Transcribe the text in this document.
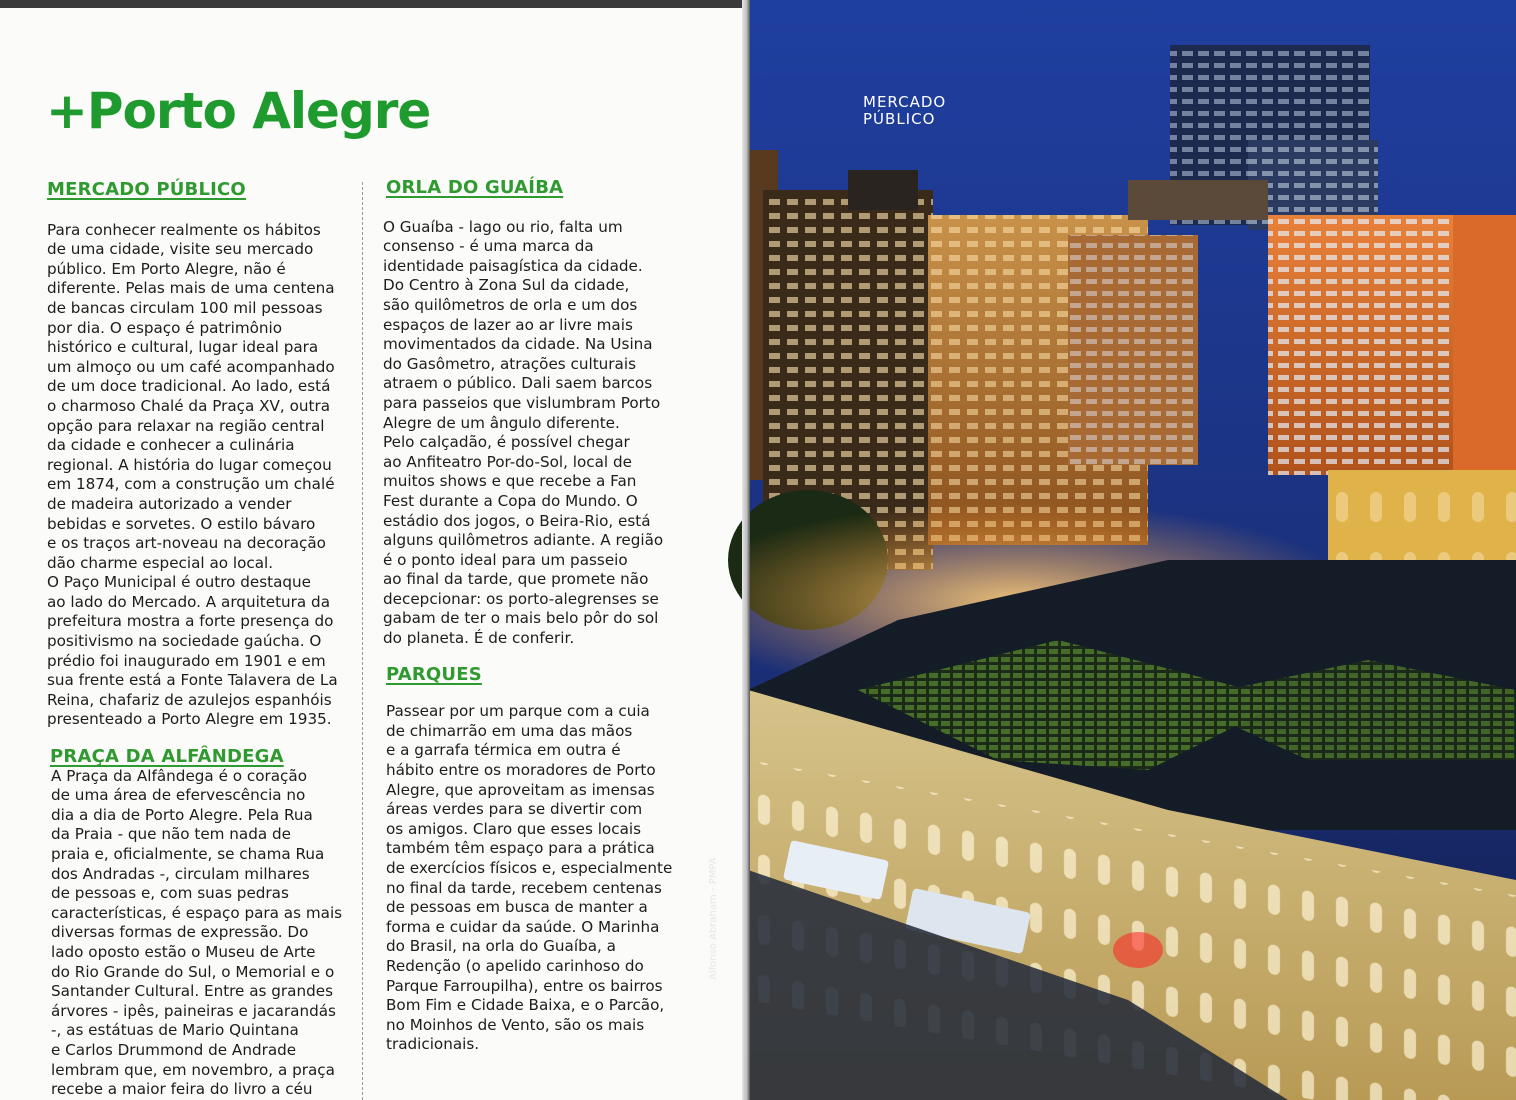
+Porto Alegre
MERCADO PÚBLICO

Para conhecer realmente os hábitos
de uma cidade, visite seu mercado
público. Em Porto Alegre, não é
diferente. Pelas mais de uma centena
de bancas circulam 100 mil pessoas
por dia. O espaço é patrimônio
histórico e cultural, lugar ideal para
um almoço ou um café acompanhado
de um doce tradicional. Ao lado, está
o charmoso Chalé da Praça XV, outra
opção para relaxar na região central
da cidade e conhecer a culinária
regional. A história do lugar começou
em 1874, com a construção um chalé
de madeira autorizado a vender
bebidas e sorvetes. O estilo bávaro
e os traços art-noveau na decoração
dão charme especial ao local.
O Paço Municipal é outro destaque
ao lado do Mercado. A arquitetura da
prefeitura mostra a forte presença do
positivismo na sociedade gaúcha. O
prédio foi inaugurado em 1901 e em
sua frente está a Fonte Talavera de La
Reina, chafariz de azulejos espanhóis
presenteado a Porto Alegre em 1935.

PRAÇA DA ALFÂNDEGA

A Praça da Alfândega é o coração
de uma área de efervescência no
dia a dia de Porto Alegre. Pela Rua
da Praia - que não tem nada de
praia e, oficialmente, se chama Rua
dos Andradas -, circulam milhares
de pessoas e, com suas pedras
características, é espaço para as mais
diversas formas de expressão. Do
lado oposto estão o Museu de Arte
do Rio Grande do Sul, o Memorial e o
Santander Cultural. Entre as grandes
árvores - ipês, paineiras e jacarandás
-, as estátuas de Mario Quintana
e Carlos Drummond de Andrade
lembram que, em novembro, a praça
recebe a maior feira do livro a céu

ORLA DO GUAÍBA

O Guaíba - lago ou rio, falta um
consenso - é uma marca da
identidade paisagística da cidade.
Do Centro à Zona Sul da cidade,
são quilômetros de orla e um dos
espaços de lazer ao ar livre mais
movimentados da cidade. Na Usina
do Gasômetro, atrações culturais
atraem o público. Dali saem barcos
para passeios que vislumbram Porto
Alegre de um ângulo diferente.
Pelo calçadão, é possível chegar
ao Anfiteatro Por-do-Sol, local de
muitos shows e que recebe a Fan
Fest durante a Copa do Mundo. O
estádio dos jogos, o Beira-Rio, está
alguns quilômetros adiante. A região
é o ponto ideal para um passeio
ao final da tarde, que promete não
decepcionar: os porto-alegrenses se
gabam de ter o mais belo pôr do sol
do planeta. É de conferir.

PARQUES

Passear por um parque com a cuia
de chimarrão em uma das mãos
e a garrafa térmica em outra é
hábito entre os moradores de Porto
Alegre, que aproveitam as imensas
áreas verdes para se divertir com
os amigos. Claro que esses locais
também têm espaço para a prática
de exercícios físicos e, especialmente
no final da tarde, recebem centenas
de pessoas em busca de manter a
forma e cuidar da saúde. O Marinha
do Brasil, na orla do Guaíba, a
Redenção (o apelido carinhoso do
Parque Farroupilha), entre os bairros
Bom Fim e Cidade Baixa, e o Parcão,
no Moinhos de Vento, são os mais
tradicionais.

MERCADO
PÚBLICO
Alfonso Abraham - PMPA
